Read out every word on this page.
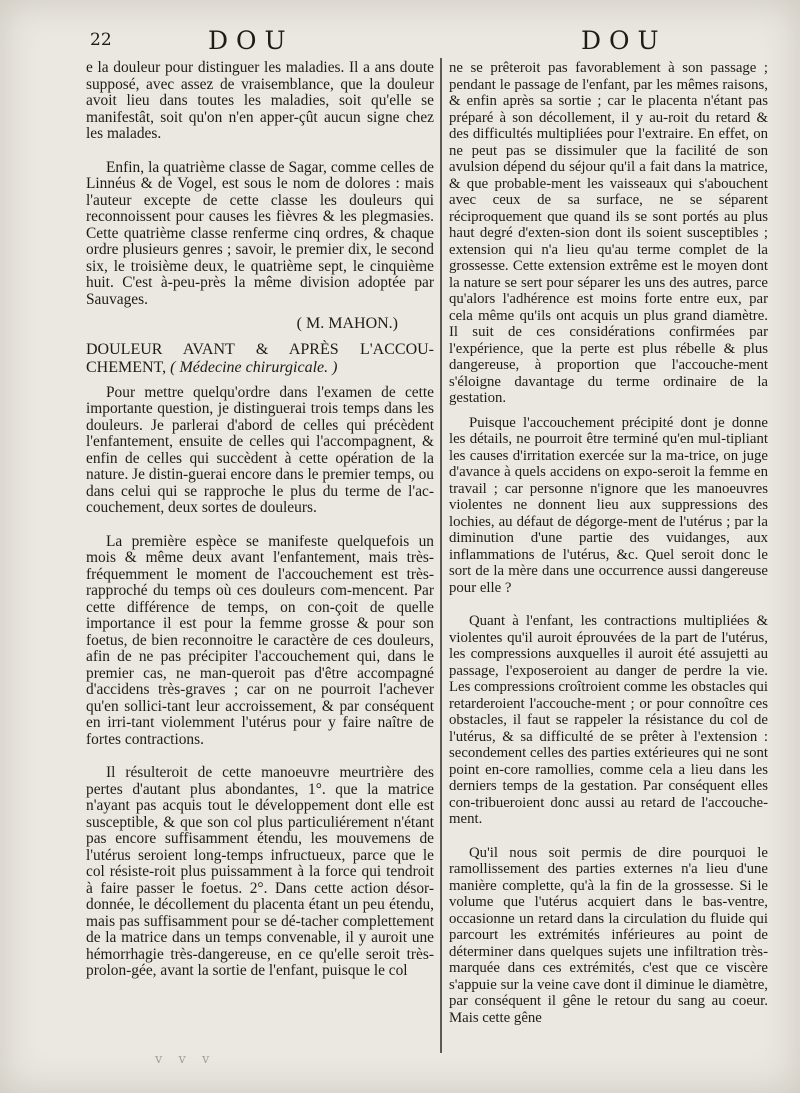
22	DOU	DOU

e la douleur pour distinguer les maladies. Il a ans doute supposé, avec assez de vraisemblance, que la douleur avoit lieu dans toutes les maladies, soit qu'elle se manifestât, soit qu'on n'en apper-çût aucun signe chez les malades.

Enfin, la quatrième classe de Sagar, comme celles de Linnéus & de Vogel, est sous le nom de dolores : mais l'auteur excepte de cette classe les douleurs qui reconnoissent pour causes les fièvres & les plegmasies. Cette quatrième classe renferme cinq ordres, & chaque ordre plusieurs genres ; savoir, le premier dix, le second six, le troisième deux, le quatrième sept, le cinquième huit. C'est à-peu-près la même division adoptée par Sauvages.

( M. MAHON.)

DOULEUR AVANT & APRÈS L'ACCOU-CHEMENT, ( Médecine chirurgicale. )

Pour mettre quelqu'ordre dans l'examen de cette importante question, je distinguerai trois temps dans les douleurs. Je parlerai d'abord de celles qui précèdent l'enfantement, ensuite de celles qui l'accompagnent, & enfin de celles qui succèdent à cette opération de la nature. Je distin-guerai encore dans le premier temps, ou dans celui qui se rapproche le plus du terme de l'ac-couchement, deux sortes de douleurs.

La première espèce se manifeste quelquefois un mois & même deux avant l'enfantement, mais très-fréquemment le moment de l'accouchement est très-rapproché du temps où ces douleurs com-mencent. Par cette différence de temps, on con-çoit de quelle importance il est pour la femme grosse & pour son foetus, de bien reconnoitre le caractère de ces douleurs, afin de ne pas précipiter l'accouchement qui, dans le premier cas, ne man-queroit pas d'être accompagné d'accidens très-graves ; car on ne pourroit l'achever qu'en sollici-tant leur accroissement, & par conséquent en irri-tant violemment l'utérus pour y faire naître de fortes contractions.

Il résulteroit de cette manoeuvre meurtrière des pertes d'autant plus abondantes, 1°. que la matrice n'ayant pas acquis tout le développement dont elle est susceptible, & que son col plus particuliérement n'étant pas encore suffisamment étendu, les mouvemens de l'utérus seroient long-temps infructueux, parce que le col résiste-roit plus puissamment à la force qui tendroit à faire passer le foetus. 2°. Dans cette action désor-donnée, le décollement du placenta étant un peu étendu, mais pas suffisamment pour se dé-tacher complettement de la matrice dans un temps convenable, il y auroit une hémorrhagie très-dangereuse, en ce qu'elle seroit très-prolon-gée, avant la sortie de l'enfant, puisque le col

ne se prêteroit pas favorablement à son passage ; pendant le passage de l'enfant, par les mêmes raisons, & enfin après sa sortie ; car le placenta n'étant pas préparé à son décollement, il y au-roit du retard & des difficultés multipliées pour l'extraire. En effet, on ne peut pas se dissimuler que la facilité de son avulsion dépend du séjour qu'il a fait dans la matrice, & que probable-ment les vaisseaux qui s'abouchent avec ceux de sa surface, ne se séparent réciproquement que quand ils se sont portés au plus haut degré d'exten-sion dont ils soient susceptibles ; extension qui n'a lieu qu'au terme complet de la grossesse. Cette extension extrême est le moyen dont la nature se sert pour séparer les uns des autres, parce qu'alors l'adhérence est moins forte entre eux, par cela même qu'ils ont acquis un plus grand diamètre. Il suit de ces considérations confirmées par l'expérience, que la perte est plus rébelle & plus dangereuse, à proportion que l'accouche-ment s'éloigne davantage du terme ordinaire de la gestation.

Puisque l'accouchement précipité dont je donne les détails, ne pourroit être terminé qu'en mul-tipliant les causes d'irritation exercée sur la ma-trice, on juge d'avance à quels accidens on expo-seroit la femme en travail ; car personne n'ignore que les manoeuvres violentes ne donnent lieu aux suppressions des lochies, au défaut de dégorge-ment de l'utérus ; par la diminution d'une partie des vuidanges, aux inflammations de l'utérus, &c. Quel seroit donc le sort de la mère dans une occurrence aussi dangereuse pour elle ?

Quant à l'enfant, les contractions multipliées & violentes qu'il auroit éprouvées de la part de l'utérus, les compressions auxquelles il auroit été assujetti au passage, l'exposeroient au danger de perdre la vie. Les compressions croîtroient comme les obstacles qui retarderoient l'accouche-ment ; or pour connoître ces obstacles, il faut se rappeler la résistance du col de l'utérus, & sa difficulté de se prêter à l'extension : secondement celles des parties extérieures qui ne sont point en-core ramollies, comme cela a lieu dans les derniers temps de la gestation. Par conséquent elles con-tribueroient donc aussi au retard de l'accouche-ment.

Qu'il nous soit permis de dire pourquoi le ramollissement des parties externes n'a lieu d'une manière complette, qu'à la fin de la grossesse. Si le volume que l'utérus acquiert dans le bas-ventre, occasionne un retard dans la circulation du fluide qui parcourt les extrémités inférieures au point de déterminer dans quelques sujets une infiltration très-marquée dans ces extrémités, c'est que ce viscère s'appuie sur la veine cave dont il diminue le diamètre, par conséquent il gêne le retour du sang au coeur. Mais cette gêne

v v v
